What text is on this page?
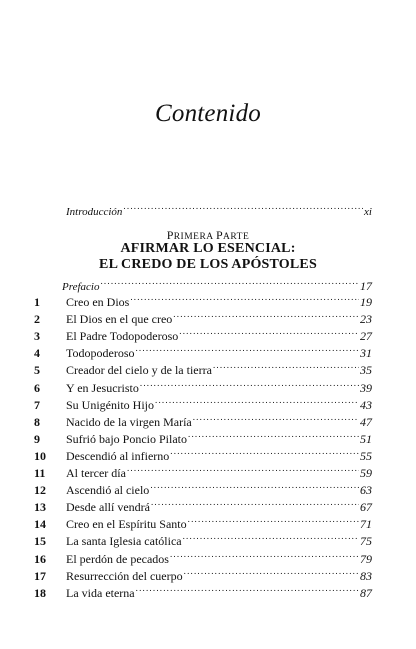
Contenido
Introducción .....	xi
PRIMERA PARTE
AFIRMAR LO ESENCIAL:
EL CREDO DE LOS APÓSTOLES
Prefacio .....	17
1	Creo en Dios .....	19
2	El Dios en el que creo .....	23
3	El Padre Todopoderoso .....	27
4	Todopoderoso .....	31
5	Creador del cielo y de la tierra .....	35
6	Y en Jesucristo .....	39
7	Su Unigénito Hijo .....	43
8	Nacido de la virgen María .....	47
9	Sufrió bajo Poncio Pilato .....	51
10	Descendió al infierno .....	55
11	Al tercer día .....	59
12	Ascendió al cielo .....	63
13	Desde allí vendrá .....	67
14	Creo en el Espíritu Santo .....	71
15	La santa Iglesia católica .....	75
16	El perdón de pecados .....	79
17	Resurrección del cuerpo .....	83
18	La vida eterna .....	87
